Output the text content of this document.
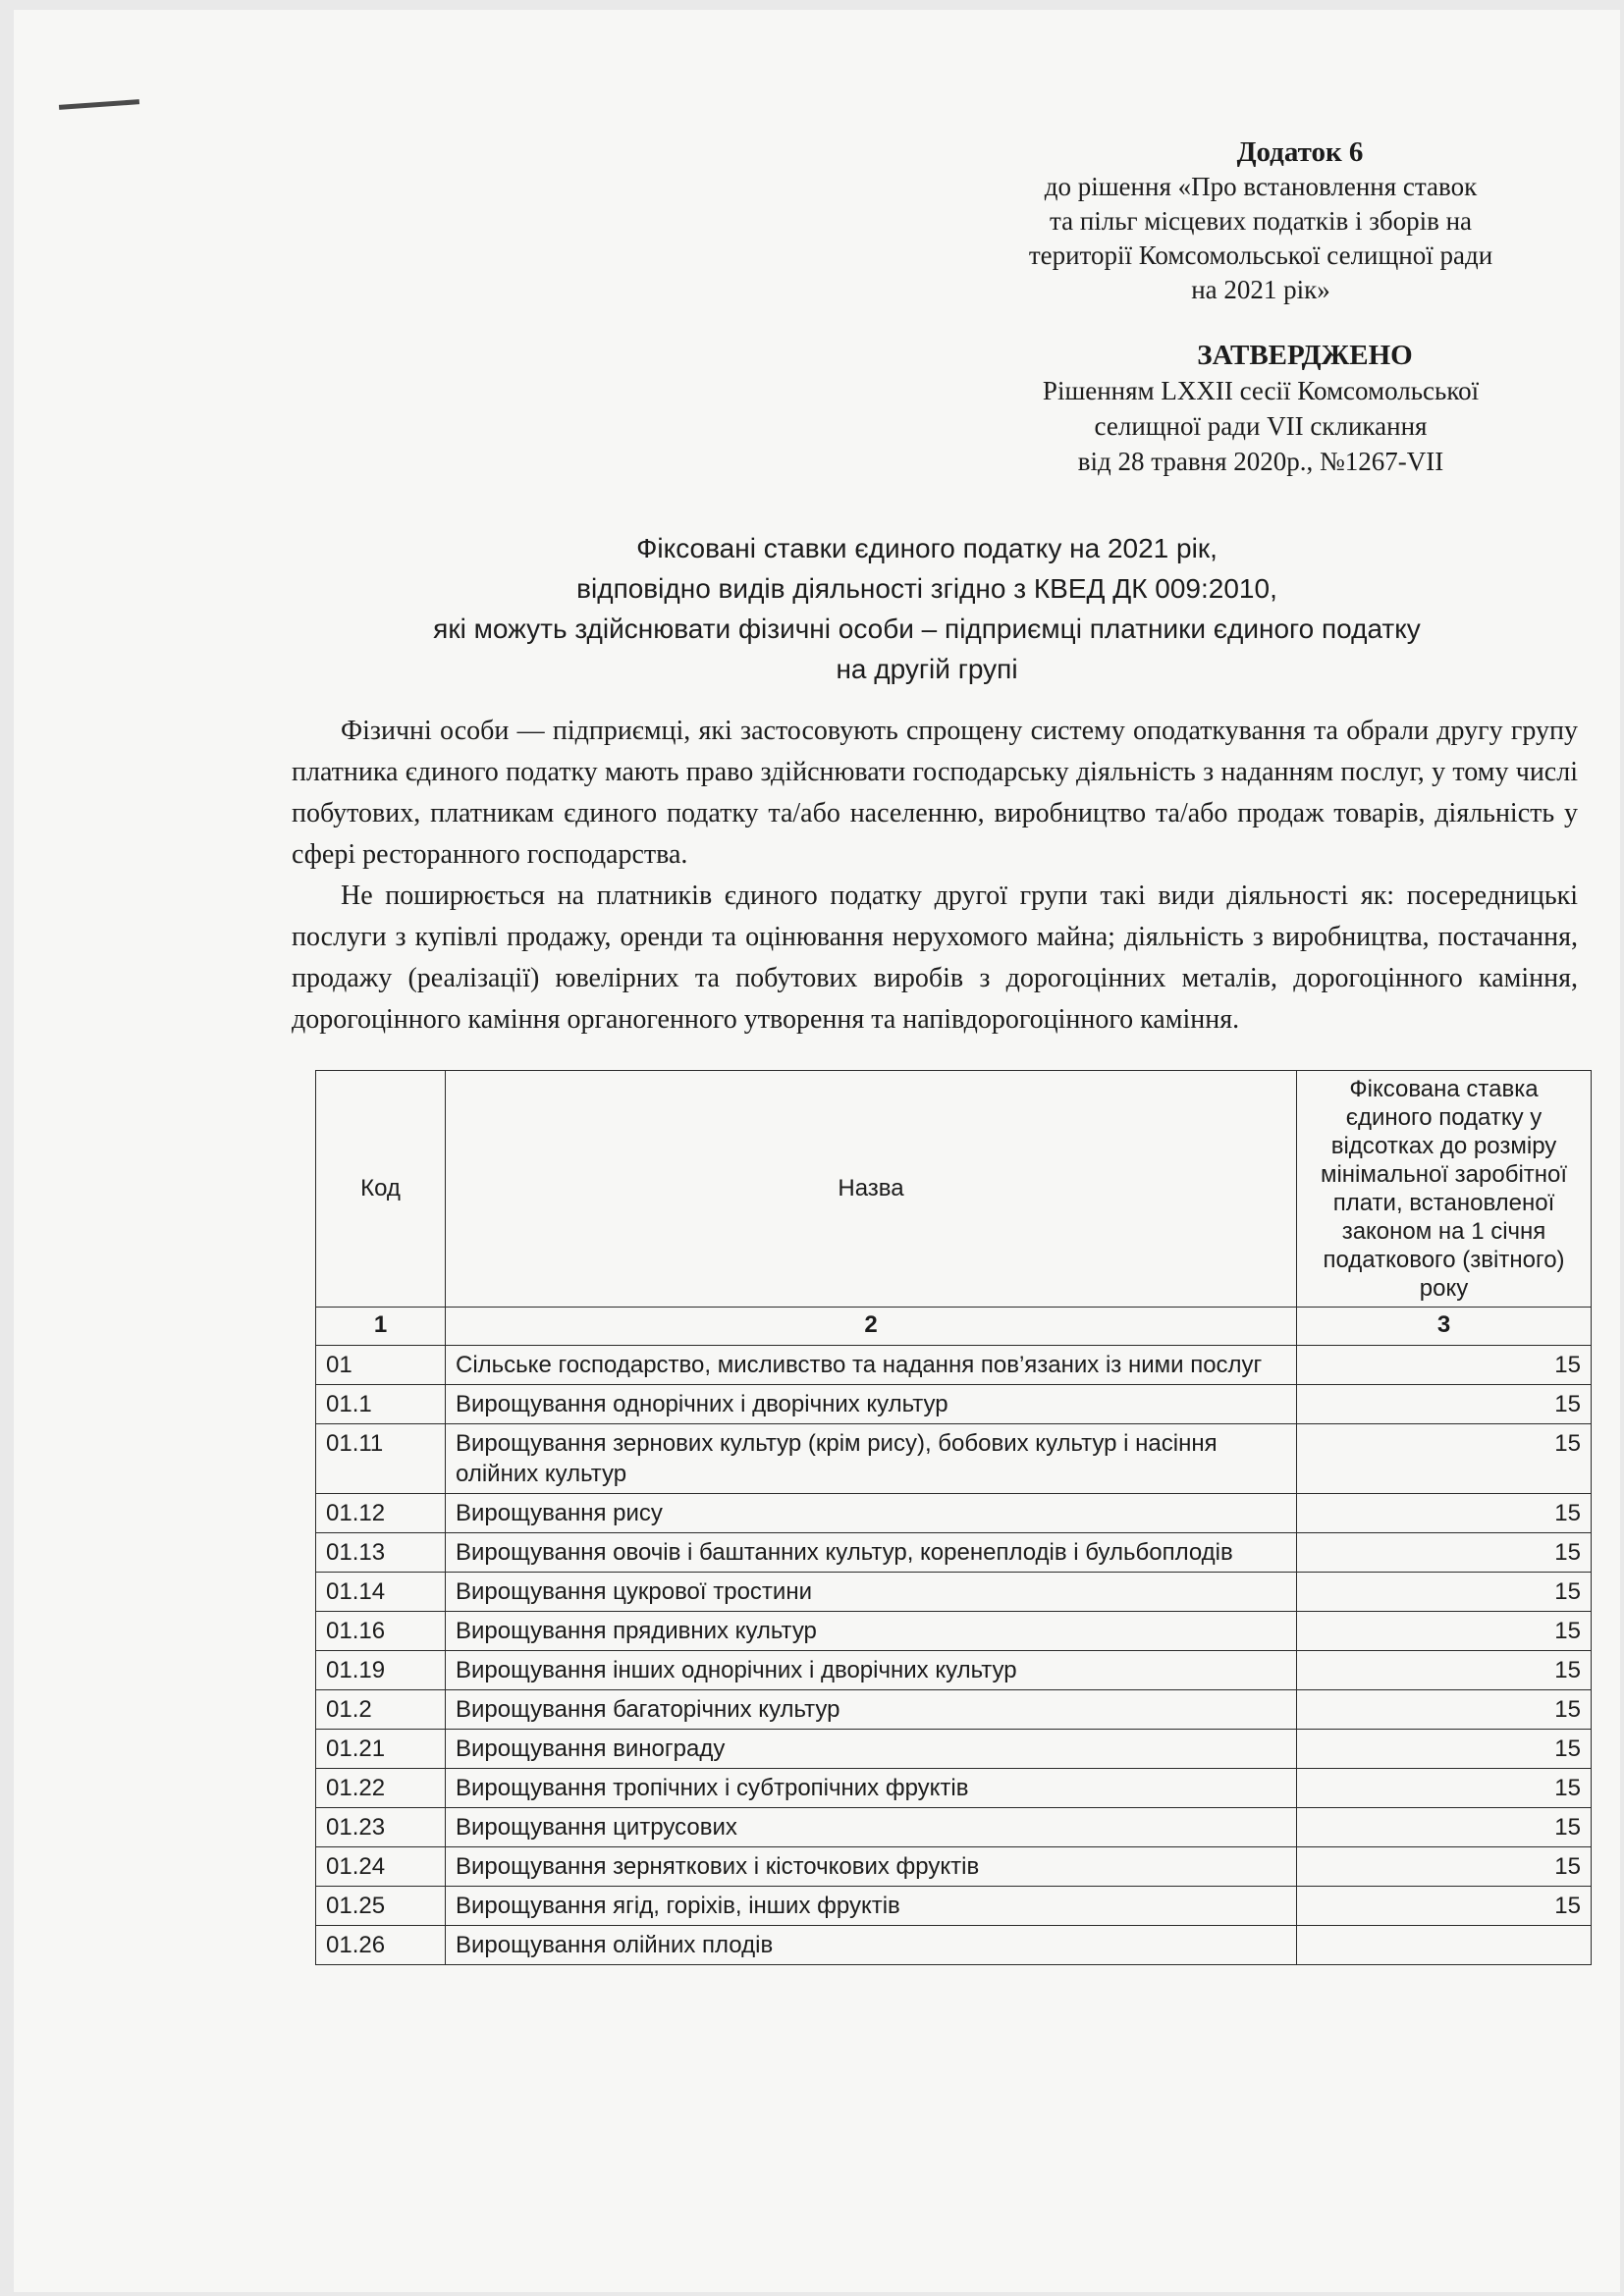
Додаток 6
до рішення «Про встановлення ставок
та пільг місцевих податків і зборів на
території Комсомольської селищної ради
на 2021 рік»
ЗАТВЕРДЖЕНО
Рішенням LXXII сесії Комсомольської
селищної ради VII скликання
від 28 травня 2020р., №1267-VII
Фіксовані ставки єдиного податку на 2021 рік,
відповідно видів діяльності згідно з КВЕД ДК 009:2010,
які можуть здійснювати фізичні особи – підприємці платники єдиного податку
на другій групі

Фізичні особи — підприємці, які застосовують спрощену систему оподаткування та обрали другу групу платника єдиного податку мають право здійснювати господарську діяльність з наданням послуг, у тому числі побутових, платникам єдиного податку та/або населенню, виробництво та/або продаж товарів, діяльність у сфері ресторанного господарства.

Не поширюється на платників єдиного податку другої групи такі види діяльності як: посередницькі послуги з купівлі продажу, оренди та оцінювання нерухомого майна; діяльність з виробництва, постачання, продажу (реалізації) ювелірних та побутових виробів з дорогоцінних металів, дорогоцінного каміння, дорогоцінного каміння органогенного утворення та напівдорогоцінного каміння.

Код	Назва	Фіксована ставка єдиного податку у відсотках до розміру мінімальної заробітної плати, встановленої законом на 1 січня податкового (звітного) року
1	2	3
01	Сільське господарство, мисливство та надання пов’язаних із ними послуг	15
01.1	Вирощування однорічних і дворічних культур	15
01.11	Вирощування зернових культур (крім рису), бобових культур і насіння олійних культур	15
01.12	Вирощування рису	15
01.13	Вирощування овочів і баштанних культур, коренеплодів і бульбоплодів	15
01.14	Вирощування цукрової тростини	15
01.16	Вирощування прядивних культур	15
01.19	Вирощування інших однорічних і дворічних культур	15
01.2	Вирощування багаторічних культур	15
01.21	Вирощування винограду	15
01.22	Вирощування тропічних і субтропічних фруктів	15
01.23	Вирощування цитрусових	15
01.24	Вирощування зерняткових і кісточкових фруктів	15
01.25	Вирощування ягід, горіхів, інших фруктів	15
01.26	Вирощування олійних плодів	
